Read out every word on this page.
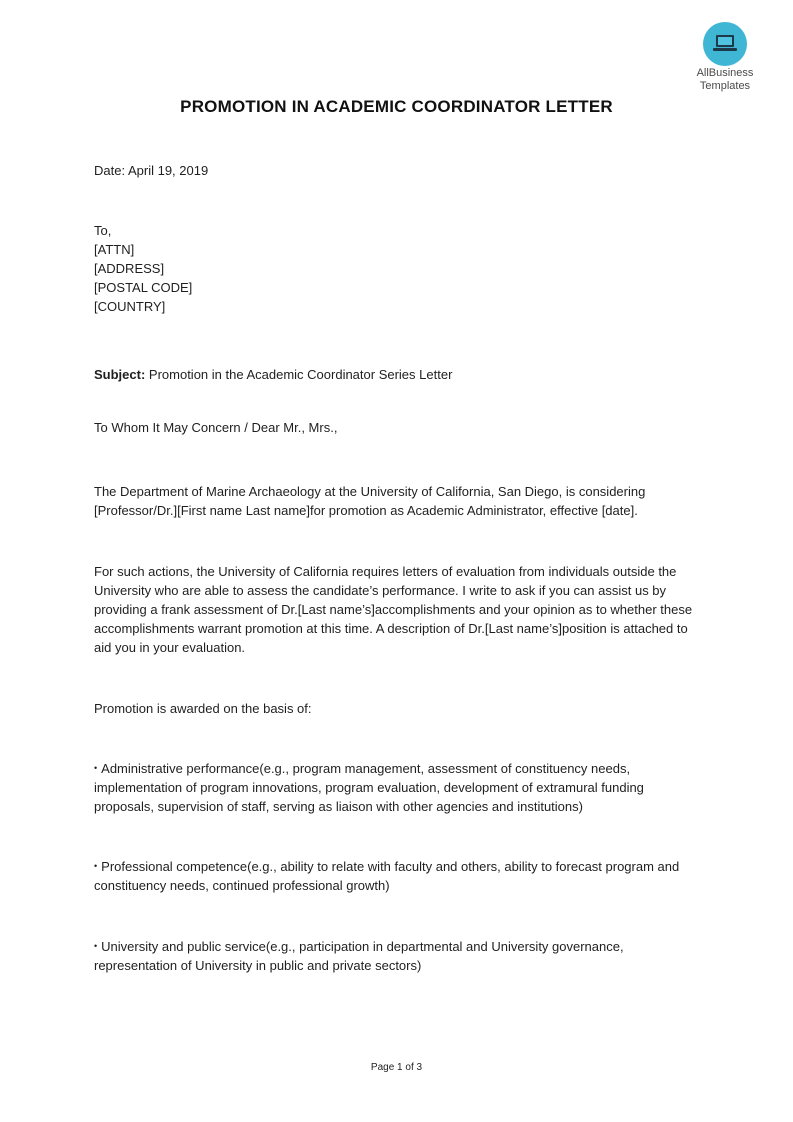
AllBusiness
Templates
PROMOTION IN ACADEMIC COORDINATOR LETTER

Date: April 19, 2019

To,

[ATTN]

[ADDRESS]

[POSTAL CODE]

[COUNTRY]

Subject: Promotion in the Academic Coordinator Series Letter

To Whom It May Concern / Dear Mr., Mrs.,

The Department of Marine Archaeology at the University of California, San Diego, is considering [Professor/Dr.][First name Last name]for promotion as Academic Administrator, effective [date].

For such actions, the University of California requires letters of evaluation from individuals outside the University who are able to assess the candidate’s performance. I write to ask if you can assist us by providing a frank assessment of Dr.[Last name’s]accomplishments and your opinion as to whether these accomplishments warrant promotion at this time. A description of Dr.[Last name’s]position is attached to aid you in your evaluation.

Promotion is awarded on the basis of:

• Administrative performance(e.g., program management, assessment of constituency needs, implementation of program innovations, program evaluation, development of extramural funding proposals, supervision of staff, serving as liaison with other agencies and institutions)

• Professional competence(e.g., ability to relate with faculty and others, ability to forecast program and constituency needs, continued professional growth)

• University and public service(e.g., participation in departmental and University governance, representation of University in public and private sectors)

Page 1 of 3
